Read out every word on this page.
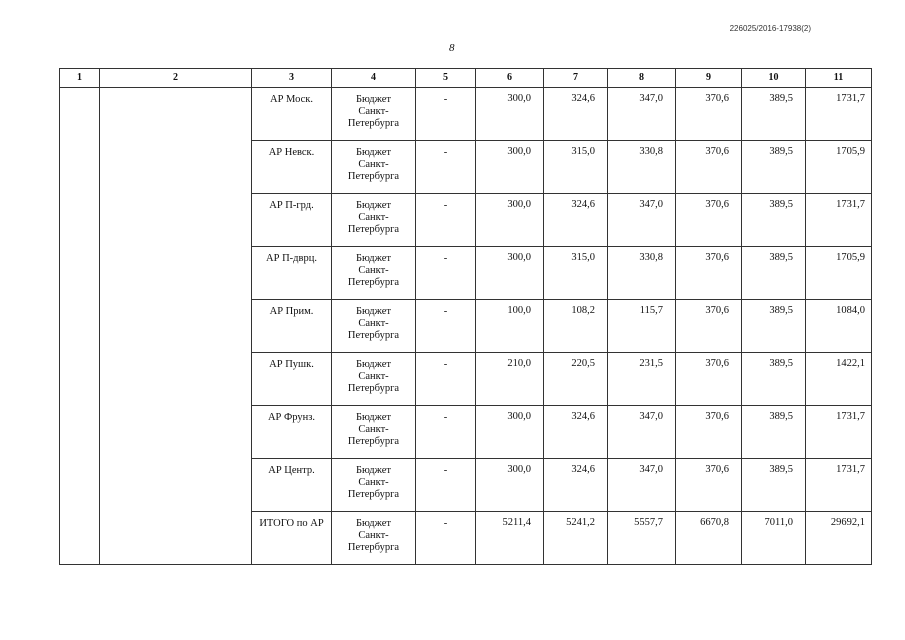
226025/2016-17938(2)
8
1	2	3	4	5	6	7	8	9	10	11
		АР Моск.	Бюджет
Санкт-
Петербурга	-	300,0	324,6	347,0	370,6	389,5	1731,7
		АР Невск.	Бюджет
Санкт-
Петербурга	-	300,0	315,0	330,8	370,6	389,5	1705,9
		АР П-грд.	Бюджет
Санкт-
Петербурга	-	300,0	324,6	347,0	370,6	389,5	1731,7
		АР П-дврц.	Бюджет
Санкт-
Петербурга	-	300,0	315,0	330,8	370,6	389,5	1705,9
		АР Прим.	Бюджет
Санкт-
Петербурга	-	100,0	108,2	115,7	370,6	389,5	1084,0
		АР Пушк.	Бюджет
Санкт-
Петербурга	-	210,0	220,5	231,5	370,6	389,5	1422,1
		АР Фрунз.	Бюджет
Санкт-
Петербурга	-	300,0	324,6	347,0	370,6	389,5	1731,7
		АР Центр.	Бюджет
Санкт-
Петербурга	-	300,0	324,6	347,0	370,6	389,5	1731,7
		ИТОГО по АР	Бюджет
Санкт-
Петербурга	-	5211,4	5241,2	5557,7	6670,8	7011,0	29692,1
